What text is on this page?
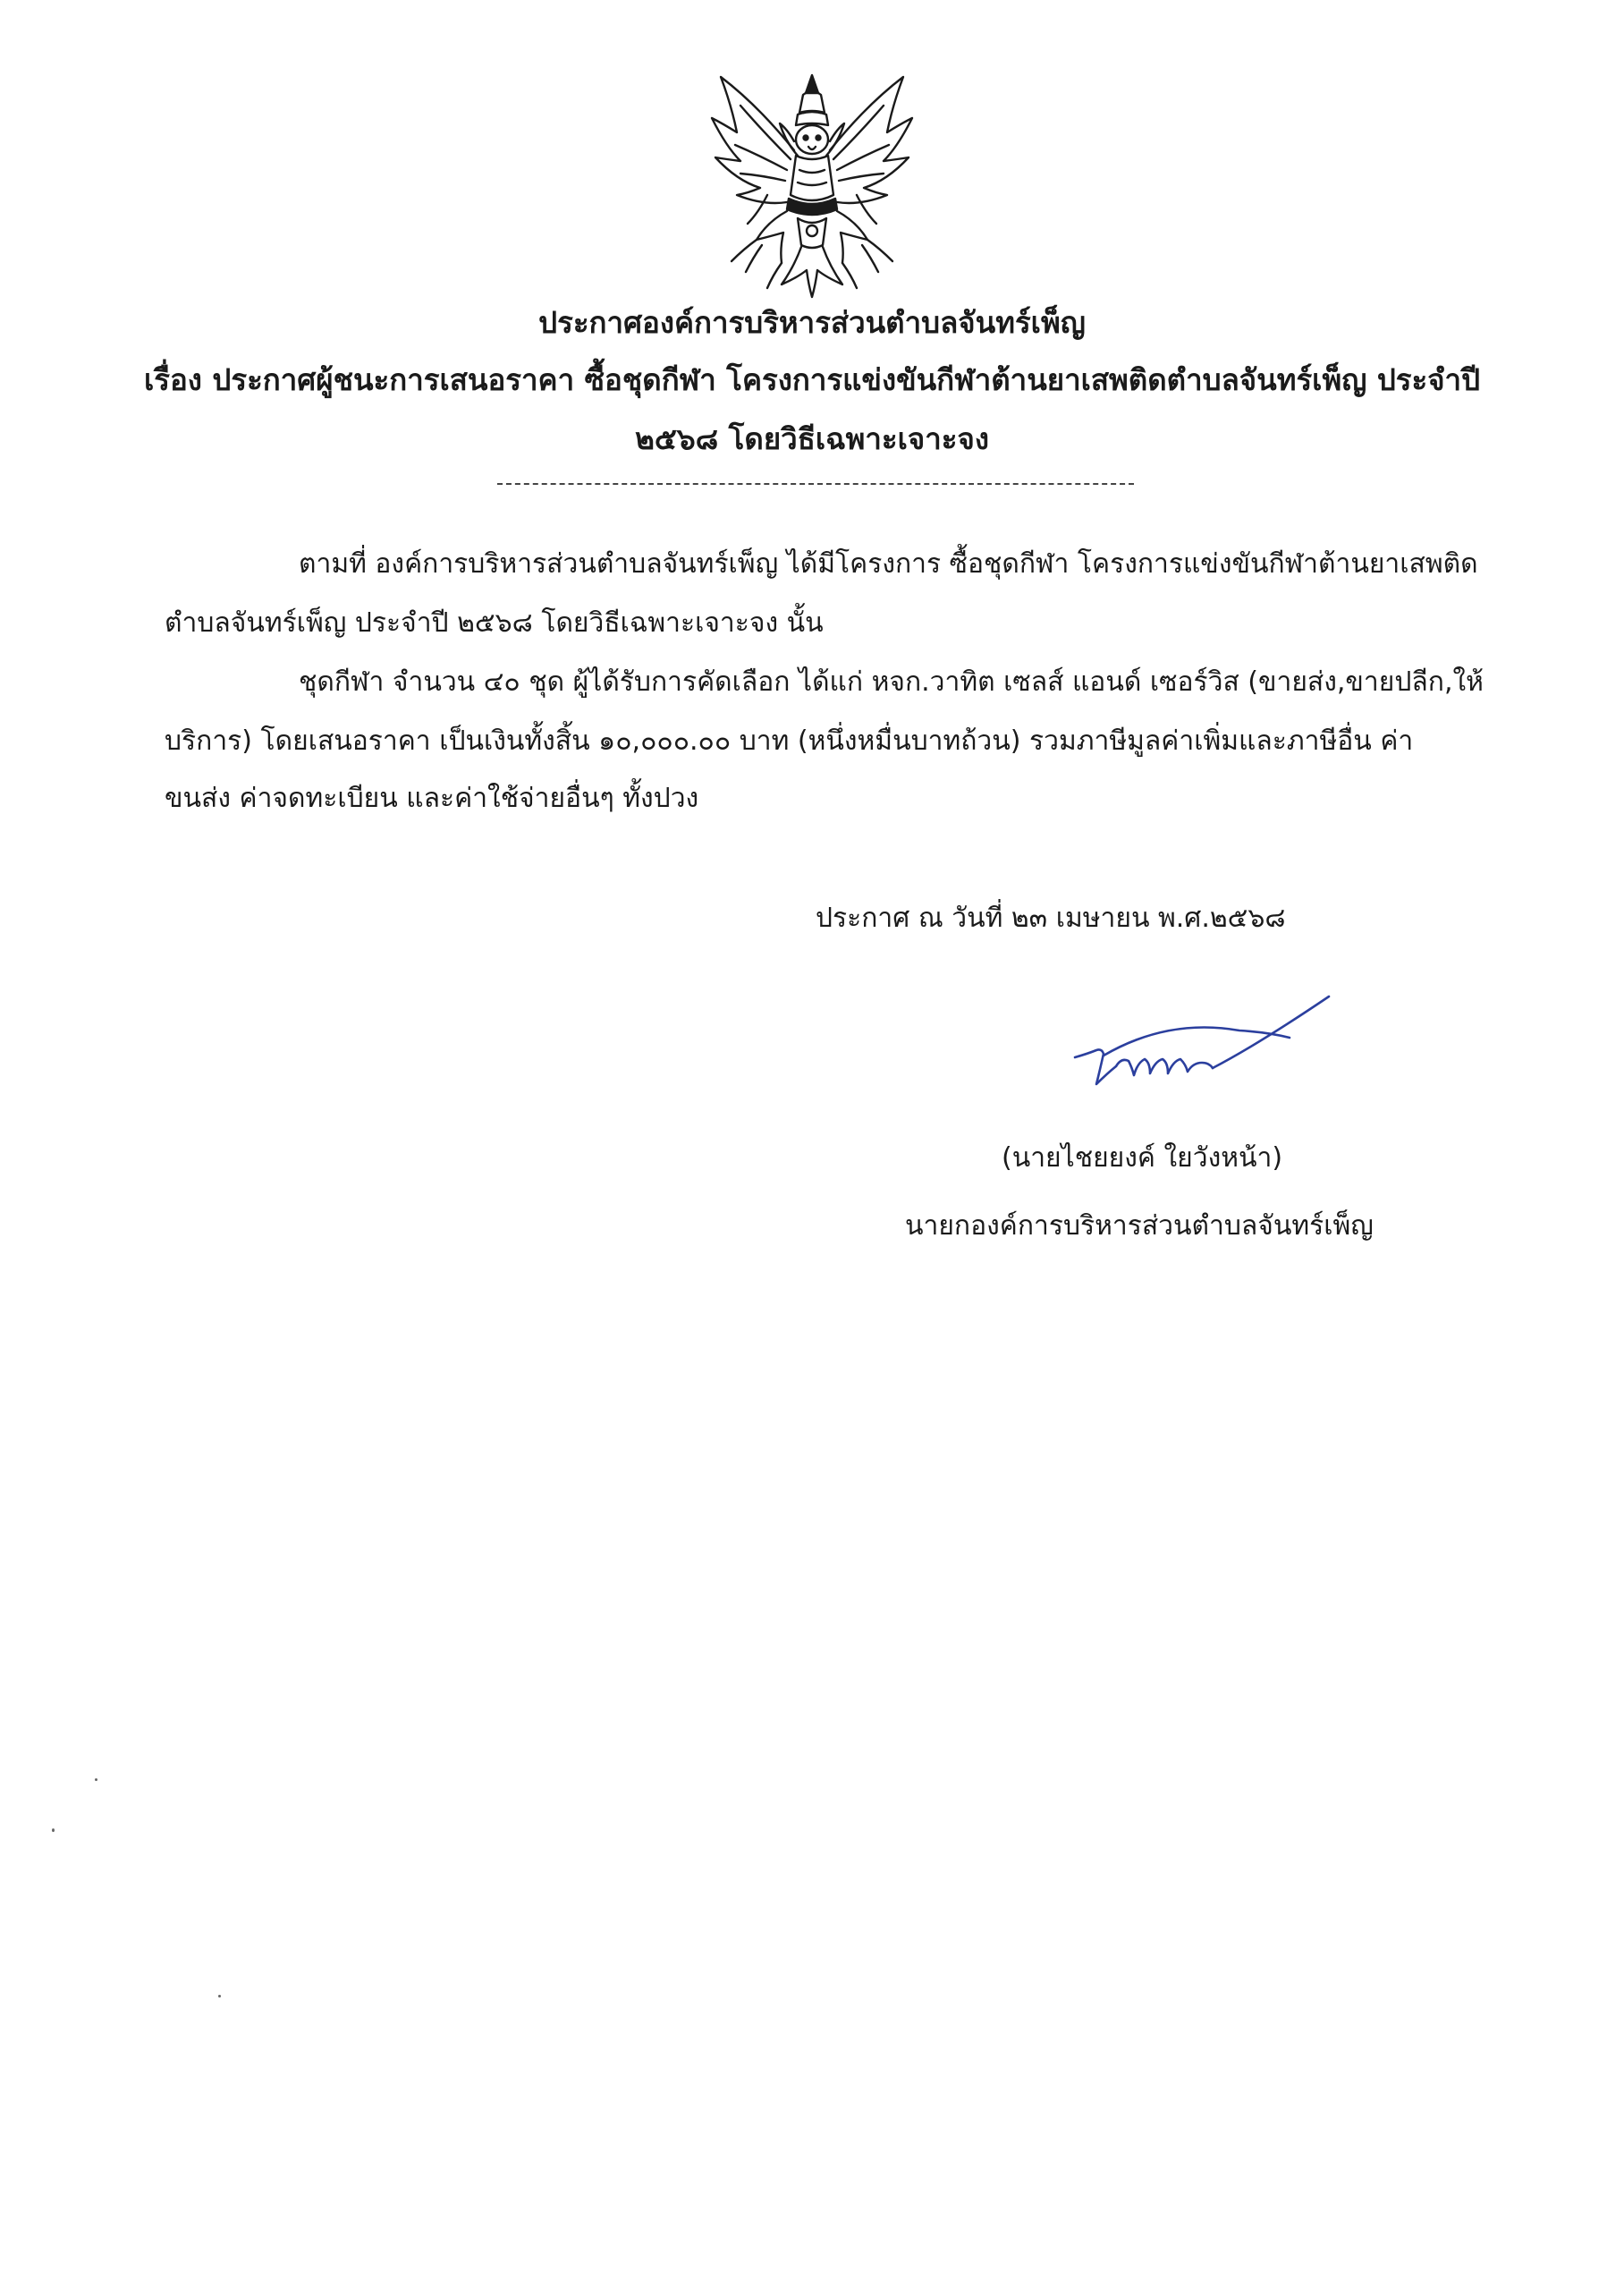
ประกาศองค์การบริหารส่วนตำบลจันทร์เพ็ญ
เรื่อง ประกาศผู้ชนะการเสนอราคา ซื้อชุดกีฬา โครงการแข่งขันกีฬาต้านยาเสพติดตำบลจันทร์เพ็ญ ประจำปี
๒๕๖๘ โดยวิธีเฉพาะเจาะจง
ตามที่ องค์การบริหารส่วนตำบลจันทร์เพ็ญ ได้มีโครงการ ซื้อชุดกีฬา โครงการแข่งขันกีฬาต้านยาเสพติด
ตำบลจันทร์เพ็ญ ประจำปี ๒๕๖๘ โดยวิธีเฉพาะเจาะจง นั้น
ชุดกีฬา จำนวน ๔๐ ชุด ผู้ได้รับการคัดเลือก ได้แก่ หจก.วาทิต เซลส์ แอนด์ เซอร์วิส (ขายส่ง,ขายปลีก,ให้
บริการ) โดยเสนอราคา เป็นเงินทั้งสิ้น ๑๐,๐๐๐.๐๐ บาท (หนึ่งหมื่นบาทถ้วน) รวมภาษีมูลค่าเพิ่มและภาษีอื่น ค่า
ขนส่ง ค่าจดทะเบียน และค่าใช้จ่ายอื่นๆ ทั้งปวง
ประกาศ ณ วันที่ ๒๓ เมษายน พ.ศ.๒๕๖๘
(นายไชยยงค์ ใยวังหน้า)
นายกองค์การบริหารส่วนตำบลจันทร์เพ็ญ
